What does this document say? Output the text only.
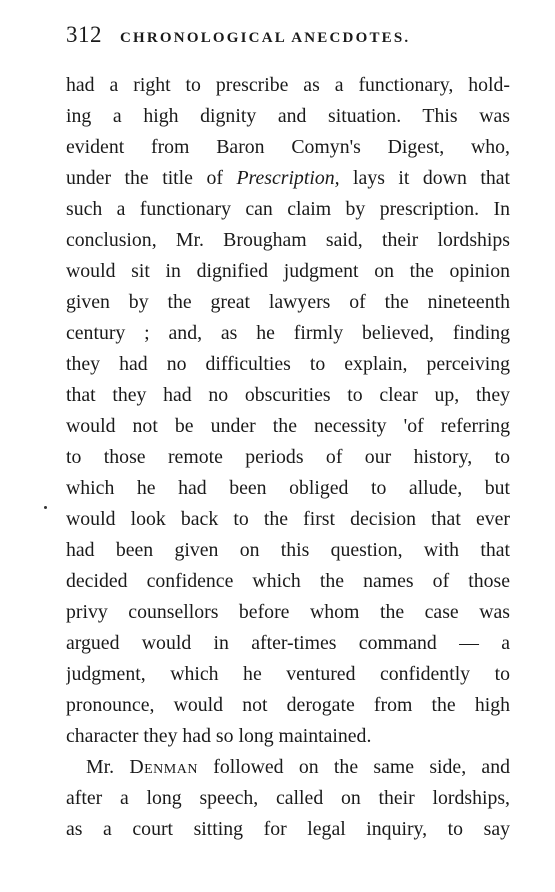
312 CHRONOLOGICAL ANECDOTES.
had a right to prescribe as a functionary, hold-
ing a high dignity and situation. This was
evident from Baron Comyn's Digest, who,
under the title of Prescription, lays it down that
such a functionary can claim by prescription. In
conclusion, Mr. Brougham said, their lordships
would sit in dignified judgment on the opinion
given by the great lawyers of the nineteenth
century ; and, as he firmly believed, finding
they had no difficulties to explain, perceiving
that they had no obscurities to clear up, they
would not be under the necessity 'of referring
to those remote periods of our history, to
which he had been obliged to allude, but
would look back to the first decision that ever
had been given on this question, with that
decided confidence which the names of those
privy counsellors before whom the case was
argued would in after-times command — a
judgment, which he ventured confidently to
pronounce, would not derogate from the high
character they had so long maintained.
Mr. Denman followed on the same side, and
after a long speech, called on their lordships,
as a court sitting for legal inquiry, to say
